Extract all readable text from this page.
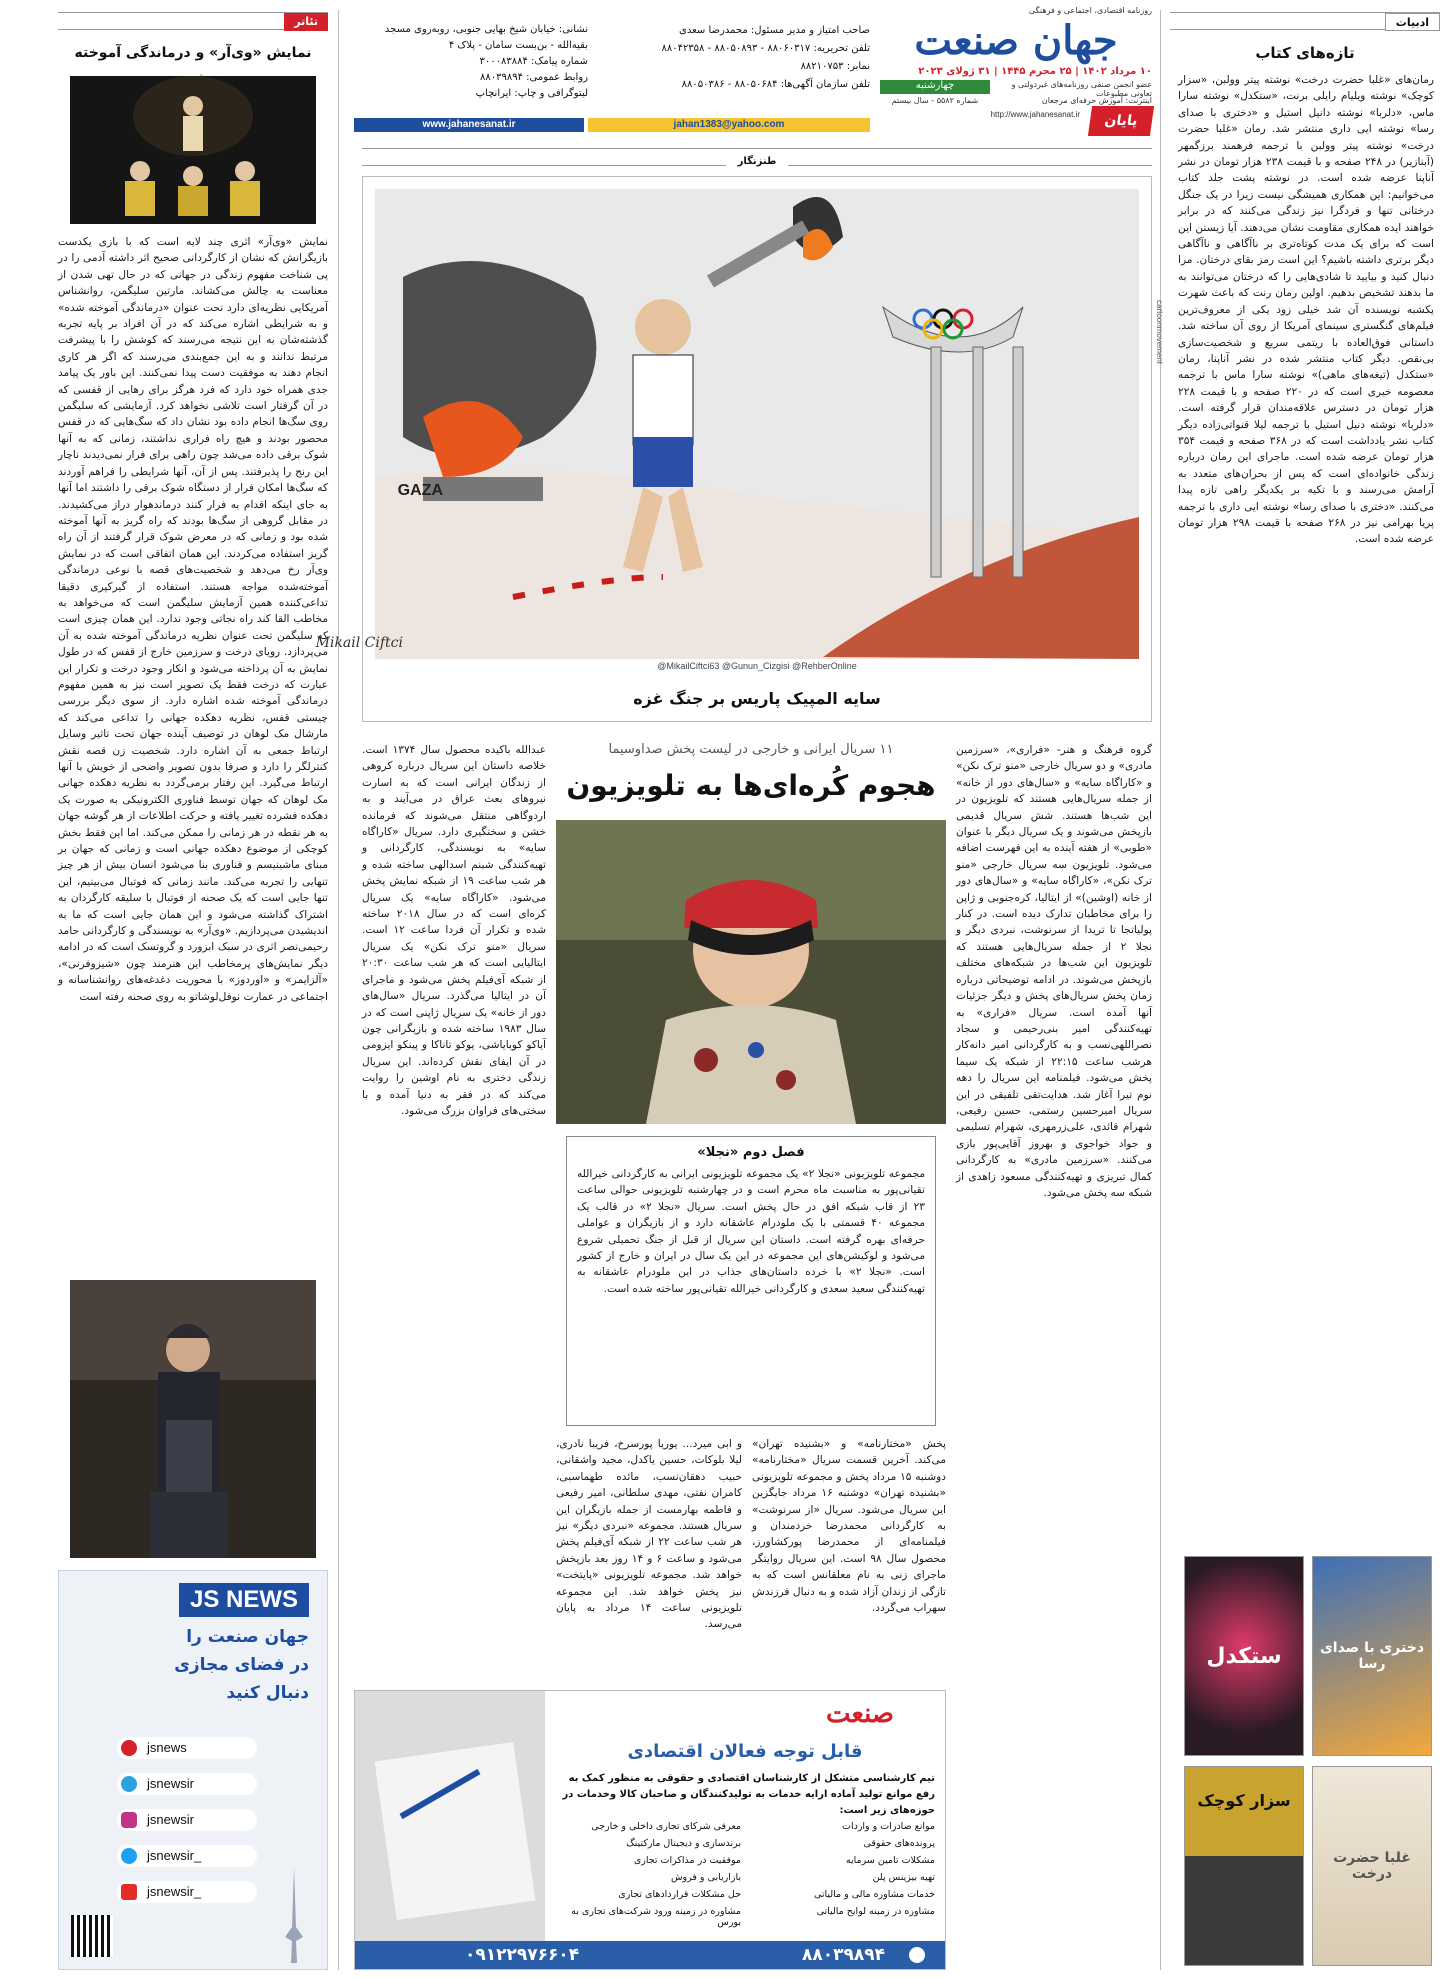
تئاتر
نمایش «وی‌آر» و درماندگی آموخته
نمایش «وی‌آر» اثری چند لایه است که با بازی یکدست بازیگرانش که نشان از کارگردانی صحیح اثر داشته آدمی را در پی شناخت مفهوم زندگی در جهانی که در حال تهی شدن از معناست به چالش می‌کشاند. مارتین سلیگمن، روانشناس آمریکایی نظریه‌ای دارد تحت عنوان «درماندگی آموخته شده» و به شرایطی اشاره می‌کند که در آن افراد بر پایه تجربه گذشته‌شان به این نتیجه می‌رسند که کوشش را با پیشرفت مرتبط ندانند و به این جمع‌بندی می‌رسند که اگر هر کاری انجام دهند به موفقیت دست پیدا نمی‌کنند. این باور یک پیامد جدی همراه خود دارد که فرد هرگز برای رهایی از قفسی که در آن گرفتار است تلاشی نخواهد کرد. آزمایشی که سلیگمن روی سگ‌ها انجام داده بود نشان داد که سگ‌هایی که در قفس محصور بودند و هیچ راه فراری نداشتند، زمانی که به آنها شوک برقی داده می‌شد چون راهی برای فرار نمی‌دیدند ناچار این رنج را پذیرفتند. پس از آن، آنها شرایطی را فراهم آوردند که سگ‌ها امکان فرار از دستگاه شوک برقی را داشتند اما آنها به جای اینکه اقدام به فرار کنند درماندهوار دراز می‌کشیدند. در مقابل گروهی از سگ‌ها بودند که راه گریز به آنها آموخته شده بود و زمانی که در معرض شوک قرار گرفتند از آن راه گریز استفاده می‌کردند. این همان اتفاقی است که در نمایش وی‌آر رخ می‌دهد و شخصیت‌های قصه با نوعی درماندگی آموخته‌شده مواجه هستند. استفاده از گیرکپری دقیقا تداعی‌کننده همین آزمایش سلیگمن است که می‌خواهد به مخاطب القا کند راه نجاتی وجود ندارد. این همان چیزی است که سلیگمن تحت عنوان نظریه درماندگی آموخته شده به آن می‌پردازد. رویای درخت و سرزمین خارج از قفس که در طول نمایش به آن پرداخته می‌شود و انکار وجود درخت و تکرار این عبارت که درخت فقط یک تصویر است نیز به همین مفهوم درماندگی آموخته شده اشاره دارد. از سوی دیگر بررسی چیستی قفس، نظریه دهکده جهانی را تداعی می‌کند که مارشال مک لوهان در توصیف آینده جهان تحت تاثیر وسایل ارتباط جمعی به آن اشاره دارد. شخصیت زن قصه نقش کنترلگر را دارد و صرفا بدون تصویر واضحی از خویش با آنها ارتباط می‌گیرد. این رفتار برمی‌گردد به نظریه دهکده جهانی مک لوهان که جهان توسط فناوری الکترونیکی به صورت یک دهکده فشرده تغییر یافته و حرکت اطلاعات از هر گوشه جهان به هر نقطه در هر زمانی را ممکن می‌کند. اما این فقط بخش کوچکی از موضوع دهکده جهانی است و زمانی که جهان بر مبنای ماشینیسم و فناوری بنا می‌شود انسان بیش از هر چیز تنهایی را تجربه می‌کند. مانند زمانی که فوتبال می‌بینیم، این تنها جایی است که یک صحنه از فوتبال با سلیقه کارگردان به اشتراک گذاشته می‌شود و این همان جایی است که ما به اندیشیدن می‌پردازیم. «وی‌آر» به نویسندگی و کارگردانی حامد رحیمی‌نصر اثری در سبک ابزورد و گروتسک است که در ادامه دیگر نمایش‌های پرمخاطب این هنرمند چون «شیزوفرنی»، «آلزایمر» و «اوردوز» با محوریت دغدغه‌های روانشناسانه و اجتماعی در عمارت نوفل‌لوشاتو به روی صحنه رفته است
JS NEWS
جهان صنعت را
در فضای مجازی
دنبال کنید
jsnews
jsnewsir
jsnewsir
jsnewsir_
jsnewsir_
روزنامه اقتصادی، اجتماعی و فرهنگی
جهان صنعت
۱۰ مرداد ۱۴۰۲ | ۲۵ محرم ۱۴۴۵ | ۳۱ ژولای ۲۰۲۳
چهارشنبه	عضو انجمن صنفی روزنامه‌های غیردولتی و تعاونی مطبوعات
شماره ۵۵۸۲ - سال بیستم	اینترنت: آموزش حرفه‌ای مرجعان
http://www.jahanesanat.ir	پایان نامه
صاحب امتیاز و مدیر مسئول: محمدرضا سعدی
تلفن تحریریه: ۸۸۰۶۰۳۱۷ - ۸۸۰۵۰۸۹۳ - ۸۸۰۴۲۳۵۸
نمابر: ۸۸۲۱۰۷۵۳
تلفن سازمان آگهی‌ها: ۸۸۰۵۰۶۸۴ - ۸۸۰۵۰۳۸۶
نشانی: خیابان شیخ بهایی جنوبی، روبه‌روی مسجد بقیه‌الله - بن‌بست سامان - پلاک ۴
شماره پیامک: ۳۰۰۰۸۳۸۸۴
روابط عمومی: ۸۸۰۳۹۸۹۴
لیتوگرافی و چاپ: ایرانچاپ
www.jahanesanat.ir	jahan1383@yahoo.com
طنزنگار
GAZA
Mikail Ciftci
@MikailCiftci63 @Gunun_Cizgisi @RehberOnline
سایه المپیک پاریس بر جنگ غزه
cartoonmovement
۱۱ سریال ایرانی و خارجی در لیست پخش صداوسیما
هجوم کُره‌ای‌ها به تلویزیون
گروه فرهنگ و هنر- «فراری»، «سرزمین مادری» و دو سریال خارجی «منو ترک نکن» و «کاراگاه سایه» و «سال‌های دور از خانه» از جمله سریال‌هایی هستند که تلویزیون در این شب‌ها هستند. شش سریال قدیمی بازپخش می‌شوند و یک سریال دیگر با عنوان «طوبی» از هفته آینده به این فهرست اضافه می‌شود. تلویزیون سه سریال خارجی «منو ترک نکن»، «کاراگاه سایه» و «سال‌های دور از خانه (اوشین)» از ایتالیا، کره‌جنوبی و ژاپن را برای مخاطبان تدارک دیده است. در کنار پولیاتجا تا تریدا از سرنوشت، نبردی دیگر و نجلا ۲ از جمله سریال‌هایی هستند که تلویزیون این شب‌ها در شبکه‌های مختلف بازپخش می‌شوند. در ادامه توضیحاتی درباره زمان پخش سریال‌های پخش و دیگر جزئیات آنها آمده است. سریال «فراری» به تهیه‌کنندگی امیر بنی‌رحیمی و سجاد نصراللهی‌نسب و به کارگردانی امیر دانه‌کار هرشب ساعت ۲۲:۱۵ از شبکه یک سیما پخش می‌شود. فیلمنامه این سریال را دهه نوم تیرا آغاز شد. هدایت‌تقی تلفیقی در این سریال امیرحسین رستمی، حسین رفیعی، شهرام قائدی، علی‌زرمهری، شهرام تسلیمی و جواد خواجوی و بهروز آقایی‌پور بازی می‌کنند. «سرزمین مادری» به کارگردانی کمال تبریزی و تهیه‌کنندگی مسعود زاهدی از شبکه سه پخش می‌شود.
عبدالله باکیده محصول سال ۱۳۷۴ است. خلاصه داستان این سریال درباره کروهی از زندگان ایرانی است که به اسارت نیروهای بعث عراق در می‌آیند و به اردوگاهی منتقل می‌شوند که فرمانده خشن و سختگیری دارد. سریال «کاراگاه سایه» به نویسندگی، کارگردانی و تهیه‌کنندگی شبنم اسدالهی ساخته شده و هر شب ساعت ۱۹ از شبکه نمایش پخش می‌شود. «کاراگاه سایه» یک سریال کره‌ای است که در سال ۲۰۱۸ ساخته شده و تکرار آن فردا ساعت ۱۲ است. سریال «منو ترک نکن» یک سریال ایتالیایی است که هر شب ساعت ۲۰:۳۰ از شبکه آی‌فیلم پخش می‌شود و ماجرای آن در ایتالیا می‌گذرد. سریال «سال‌های دور از خانه» یک سریال ژاپنی است که در سال ۱۹۸۳ ساخته شده و بازیگرانی چون آیاکو کوبایاشی، یوکو تاناکا و پینکو ایزومی در آن ایفای نقش کرده‌اند. این سریال زندگی دختری به نام اوشین را روایت می‌کند که در فقر به دنیا آمده و با سختی‌های فراوان بزرگ می‌شود.
فصل دوم «نجلا»
مجموعه تلویزیونی «نجلا ۲» یک مجموعه تلویزیونی ایرانی به کارگردانی خیرالله تقیانی‌پور به مناسبت ماه محرم است و در چهارشنبه تلویزیونی حوالی ساعت ۲۳ از قاب شبکه افق در حال پخش است. سریال «نجلا ۲» در قالب یک مجموعه ۴۰ قسمتی با یک ملودرام عاشقانه دارد و از بازیگران و عواملی حرفه‌ای بهره گرفته است. داستان این سریال از قبل از جنگ تحمیلی شروع می‌شود و لوکیشن‌های این مجموعه در این یک سال در ایران و خارج از کشور است. «نجلا ۲» با خرده داستان‌های جذاب در این ملودرام عاشقانه به تهیه‌کنندگی سعید سعدی و کارگردانی خیرالله تقیانی‌پور ساخته شده است.
پخش «مختارنامه» و «بشنیده تهران» می‌کند. آخرین قسمت سریال «مختارنامه» دوشنبه ۱۵ مرداد پخش و مجموعه تلویزیونی «بشنیده تهران» دوشنبه ۱۶ مرداد جایگزین این سریال می‌شود. سریال «از سرنوشت» به کارگردانی محمدرضا خردمندان و فیلمنامه‌ای از محمدرضا پورکشاورز، محصول سال ۹۸ است. این سریال روایتگر ماجرای زنی به نام معلقانس است که به تازگی از زندان آزاد شده و به دنبال فرزندش سهراب می‌گردد.
و ابی میرد... یوریا پورسرخ، فریبا نادری، لیلا بلوکات، حسین یاکدل، مجید واشقانی، حبیب دهقان‌نسب، مائده طهماسبی، کامران نفتی، مهدی سلطانی، امیر رفیعی و فاطمه بهارمست از جمله بازیگران این سریال هستند. مجموعه «نبردی دیگر» نیز هر شب ساعت ۲۲ از شبکه آی‌فیلم پخش می‌شود و ساعت ۶ و ۱۴ روز بعد بازپخش خواهد شد. مجموعه تلویزیونی «پایتخت» نیز پخش خواهد شد. این مجموعه تلویزیونی ساعت ۱۴ مرداد به پایان می‌رسد.
صنعت
قابل توجه فعالان اقتصادی
تیم کارشناسی متشکل از کارشناسان اقتصادی و حقوقی به منظور کمک به رفع موانع تولید آماده ارایه خدمات به تولیدکنندگان و صاحبان کالا وخدمات در حوزه‌های زیر است:
موانع صادرات و واردات
معرفی شرکای تجاری داخلی و خارجی
پرونده‌های حقوقی
برندسازی و دیجیتال مارکتینگ
مشکلات تامین سرمایه
موفقیت در مذاکرات تجاری
تهیه بیزینس پلن
بازاریابی و فروش
خدمات مشاوره مالی و مالیاتی
حل مشکلات قراردادهای تجاری
مشاوره در زمینه لوایح مالیاتی
مشاوره در زمینه ورود شرکت‌های تجاری به بورس
۸۸۰۳۹۸۹۴
۰۹۱۲۲۹۷۶۶۰۴
ادبیات
تازه‌های کتاب
رمان‌های «غلبا حضرت درخت» نوشته پیتر وولبن، «سزار کوچک» نوشته ویلیام رایلی برنت، «ستکدل» نوشته سارا ماس، «دلربا» نوشته دانیل استیل و «دختری با صدای رسا» نوشته ایی داری منتشر شد. رمان «غلبا حضرت درخت» نوشته پیتر وولبن با ترجمه فرهمند برزگمهر (آبنازیر) در ۲۴۸ صفحه و با قیمت ۲۳۸ هزار تومان در نشر آناپنا عرضه شده است. در نوشته پشت جلد کتاب می‌خوانیم: این همکاری همیشگی نیست زیرا در یک جنگل درختانی تنها و فردگرا نیز زندگی می‌کنند که در برابر خواهند ایده همکاری مقاومت نشان می‌دهند. آیا زیستن این است که برای یک مدت کوتاه‌تری بر ناآگاهی و ناآگاهی دیگر برتری داشته باشیم؟ این است رمز بقای درختان. مرا دنبال کنید و بیایید تا شادی‌هایی را که درختان می‌توانند به ما بدهند تشخیص بدهیم. اولین رمان رنت که باعث شهرت یکشبه نویسنده آن شد خیلی زود یکی از معروف‌ترین فیلم‌های گنگستری سینمای آمریکا از روی آن ساخته شد. داستانی فوق‌العاده با ریتمی سریع و شخصیت‌سازی بی‌نقص. دیگر کتاب منتشر شده در نشر آناپنا، رمان «ستکدل (تیغه‌های ماهی)» نوشته سارا ماس با ترجمه معصومه خیری است که در ۲۲۰ صفحه و با قیمت ۲۲۸ هزار تومان در دسترس علاقه‌مندان قرار گرفته است. «دلربا» نوشته دنیل استیل با ترجمه لیلا قنواتی‌زاده دیگر کتاب نشر یادداشت است که در ۳۶۸ صفحه و قیمت ۳۵۴ هزار تومان عرضه شده است. ماجرای این رمان درباره زندگی خانواده‌ای است که پس از بحران‌های متعدد به آرامش می‌رسند و با تکیه بر یکدیگر راهی تازه پیدا می‌کنند. «دختری با صدای رسا» نوشته ایی داری با ترجمه پریا بهرامی نیز در ۲۶۸ صفحه با قیمت ۲۹۸ هزار تومان عرضه شده است.
دختری با صدای رسا
ستکدل
غلبا حضرت درخت
سزار کوچک
